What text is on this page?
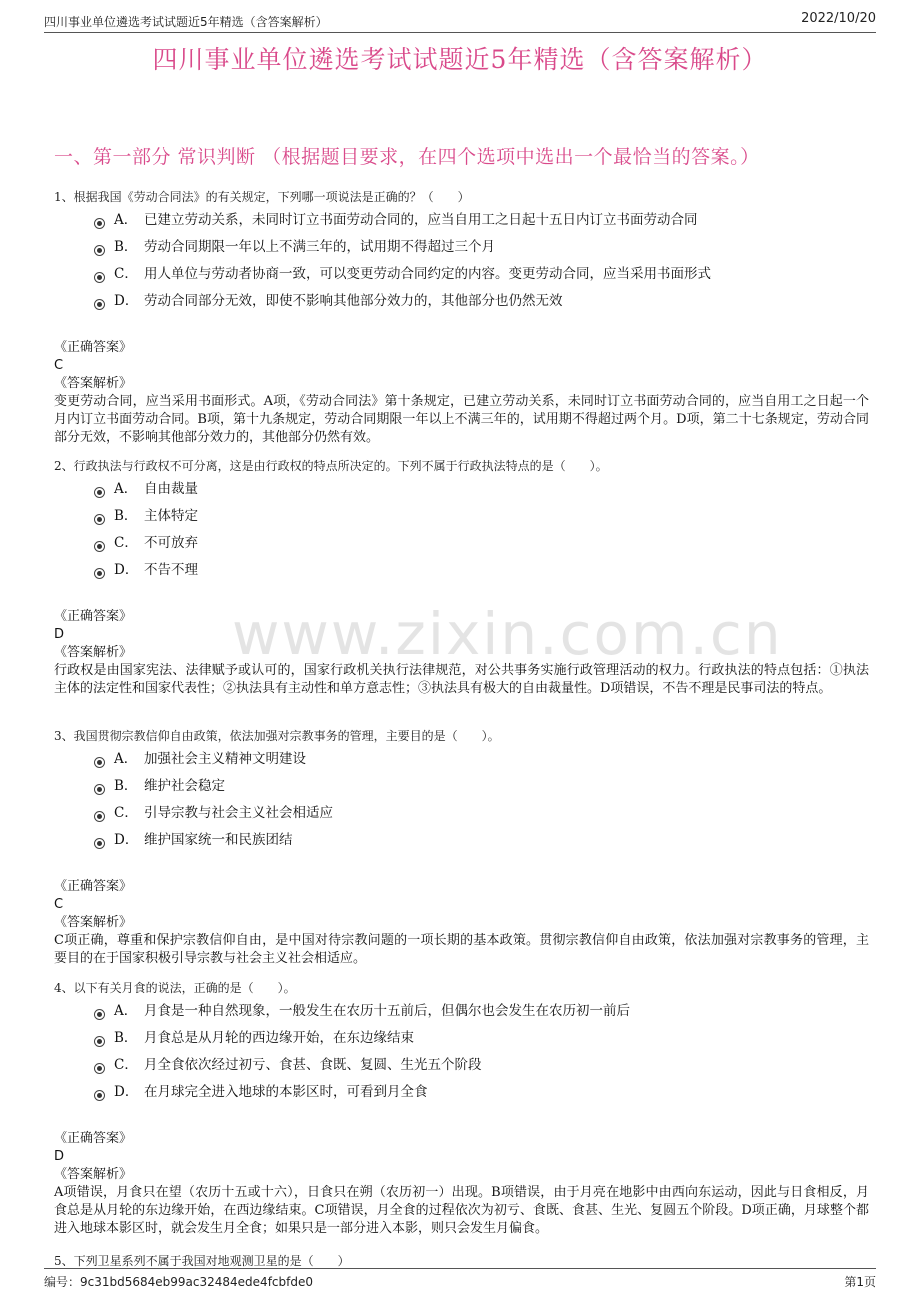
四川事业单位遴选考试试题近5年精选（含答案解析）	2022/10/20
四川事业单位遴选考试试题近5年精选（含答案解析）
一、第一部分 常识判断 （根据题目要求，在四个选项中选出一个最恰当的答案。）
www.zixin.com.cn
1、根据我国《劳动合同法》的有关规定，下列哪一项说法是正确的？（　　）
A． 已建立劳动关系，未同时订立书面劳动合同的，应当自用工之日起十五日内订立书面劳动合同
B． 劳动合同期限一年以上不满三年的，试用期不得超过三个月
C． 用人单位与劳动者协商一致，可以变更劳动合同约定的内容。变更劳动合同，应当采用书面形式
D． 劳动合同部分无效，即使不影响其他部分效力的，其他部分也仍然无效
《正确答案》
C
《答案解析》
变更劳动合同，应当采用书面形式。A项，《劳动合同法》第十条规定，已建立劳动关系，未同时订立书面劳动合同的，应当自用工之日起一个月内订立书面劳动合同。B项，第十九条规定，劳动合同期限一年以上不满三年的，试用期不得超过两个月。D项，第二十七条规定，劳动合同部分无效，不影响其他部分效力的，其他部分仍然有效。
2、行政执法与行政权不可分离，这是由行政权的特点所决定的。下列不属于行政执法特点的是（　　）。
A． 自由裁量
B． 主体特定
C． 不可放弃
D． 不告不理
《正确答案》
D
《答案解析》
行政权是由国家宪法、法律赋予或认可的，国家行政机关执行法律规范，对公共事务实施行政管理活动的权力。行政执法的特点包括：①执法主体的法定性和国家代表性；②执法具有主动性和单方意志性；③执法具有极大的自由裁量性。D项错误，不告不理是民事司法的特点。
3、我国贯彻宗教信仰自由政策，依法加强对宗教事务的管理，主要目的是（　　）。
A． 加强社会主义精神文明建设
B． 维护社会稳定
C． 引导宗教与社会主义社会相适应
D． 维护国家统一和民族团结
《正确答案》
C
《答案解析》
C项正确，尊重和保护宗教信仰自由，是中国对待宗教问题的一项长期的基本政策。贯彻宗教信仰自由政策，依法加强对宗教事务的管理，主要目的在于国家积极引导宗教与社会主义社会相适应。
4、以下有关月食的说法，正确的是（　　）。
A． 月食是一种自然现象，一般发生在农历十五前后，但偶尔也会发生在农历初一前后
B． 月食总是从月轮的西边缘开始，在东边缘结束
C． 月全食依次经过初亏、食甚、食既、复圆、生光五个阶段
D． 在月球完全进入地球的本影区时，可看到月全食
《正确答案》
D
《答案解析》
A项错误，月食只在望（农历十五或十六），日食只在朔（农历初一）出现。B项错误，由于月亮在地影中由西向东运动，因此与日食相反，月食总是从月轮的东边缘开始，在西边缘结束。C项错误，月全食的过程依次为初亏、食既、食甚、生光、复圆五个阶段。D项正确，月球整个都进入地球本影区时，就会发生月全食；如果只是一部分进入本影，则只会发生月偏食。
5、下列卫星系列不属于我国对地观测卫星的是（　　）
编号：9c31bd5684eb99ac32484ede4fcbfde0	第1页
